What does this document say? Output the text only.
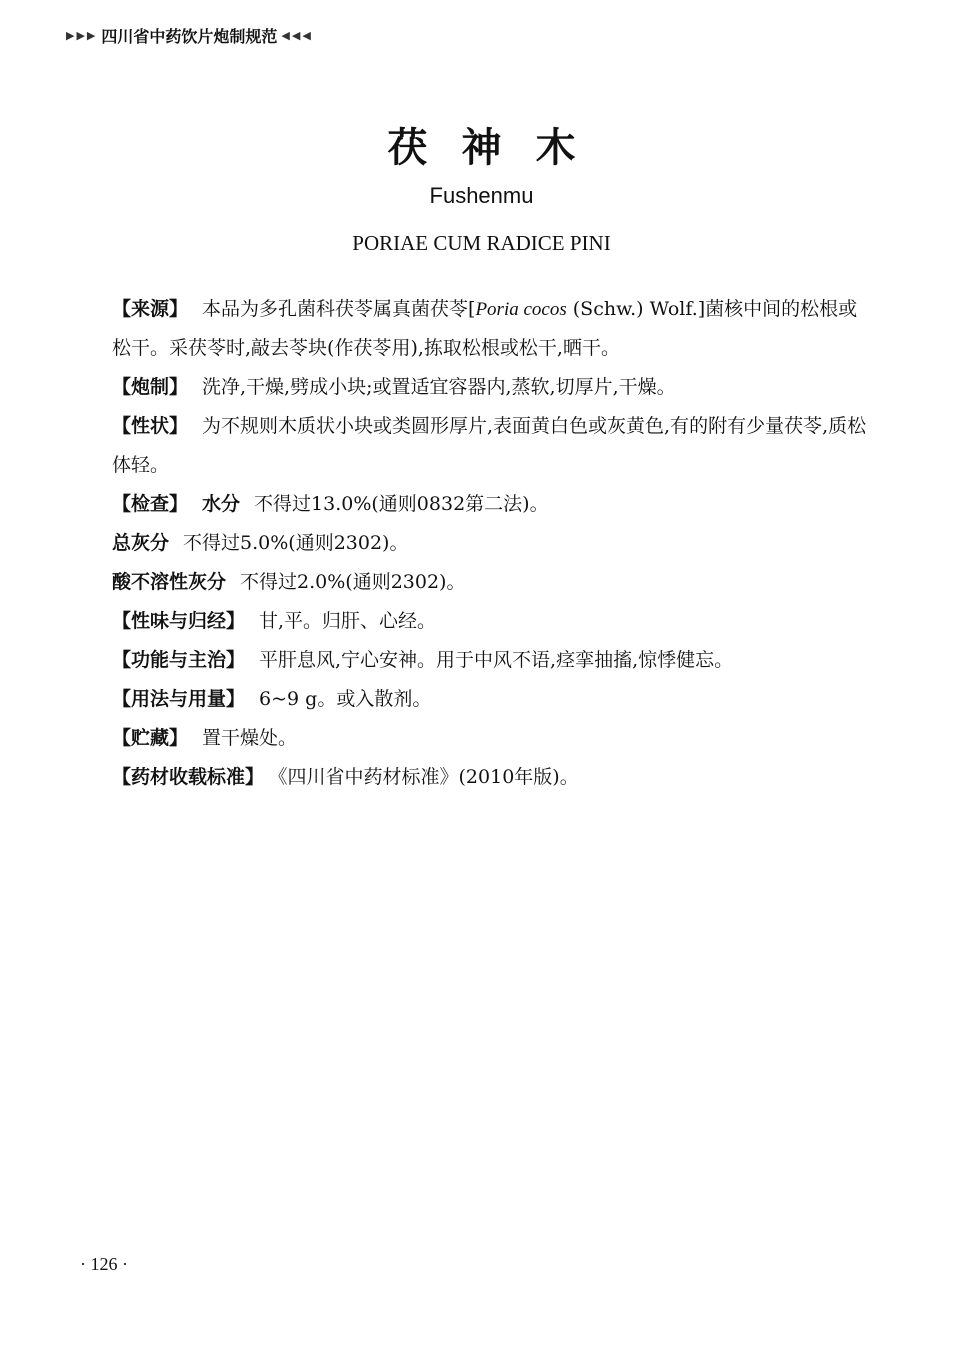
▶▶▶ 四川省中药饮片炮制规范 ◀◀◀
茯神木
Fushenmu
PORIAE CUM RADICE PINI

【来源】 本品为多孔菌科茯苓属真菌茯苓[Poria cocos (Schw.) Wolf.]菌核中间的松根或松干。采茯苓时,敲去苓块(作茯苓用),拣取松根或松干,晒干。

【炮制】 洗净,干燥,劈成小块;或置适宜容器内,蒸软,切厚片,干燥。

【性状】 为不规则木质状小块或类圆形厚片,表面黄白色或灰黄色,有的附有少量茯苓,质松体轻。

【检查】 水分 不得过13.0%(通则0832第二法)。

总灰分 不得过5.0%(通则2302)。

酸不溶性灰分 不得过2.0%(通则2302)。

【性味与归经】 甘,平。归肝、心经。

【功能与主治】 平肝息风,宁心安神。用于中风不语,痉挛抽搐,惊悸健忘。

【用法与用量】 6~9 g。或入散剂。

【贮藏】 置干燥处。

【药材收载标准】 《四川省中药材标准》(2010年版)。

· 126 ·
